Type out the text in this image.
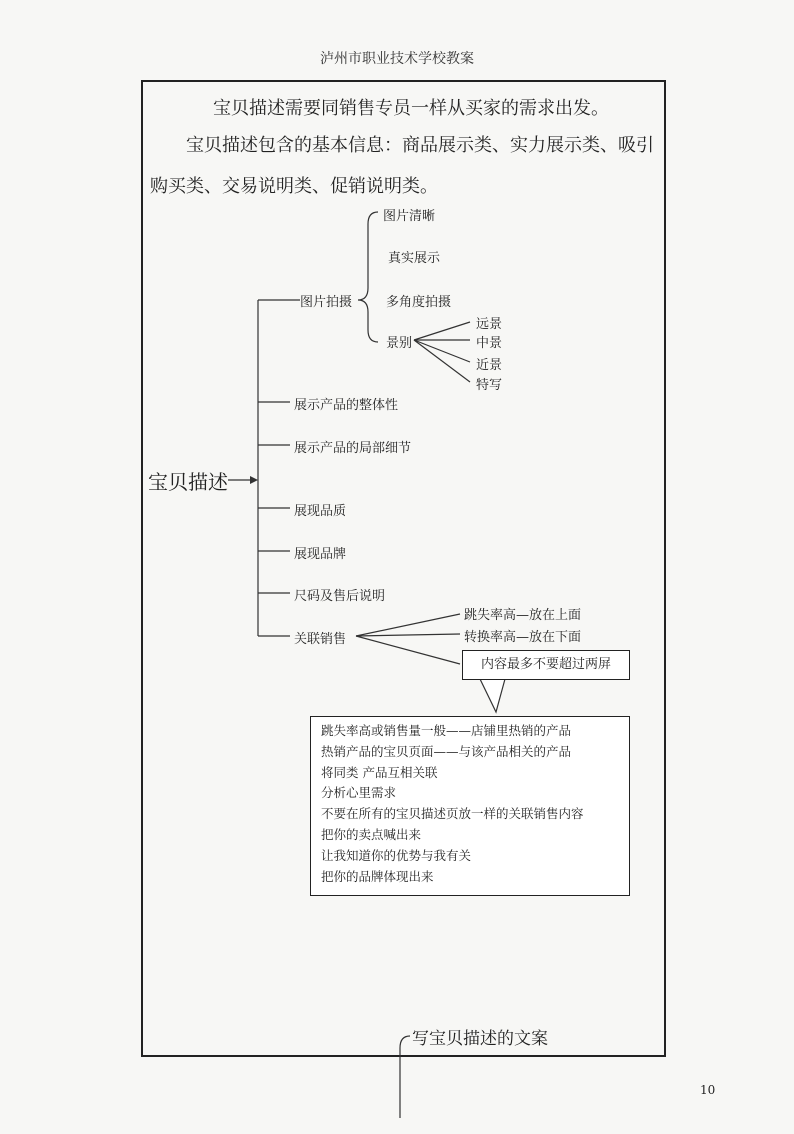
泸州市职业技术学校教案
宝贝描述需要同销售专员一样从买家的需求出发。
宝贝描述包含的基本信息：商品展示类、实力展示类、吸引
购买类、交易说明类、促销说明类。
宝贝描述
图片拍摄
图片清晰
真实展示
多角度拍摄
景别
远景
中景
近景
特写
展示产品的整体性
展示产品的局部细节
展现品质
展现品牌
尺码及售后说明
关联销售
跳失率高—放在上面
转换率高—放在下面
内容最多不要超过两屏
跳失率高或销售量一般——店铺里热销的产品
热销产品的宝贝页面——与该产品相关的产品
将同类 产品互相关联
分析心里需求
不要在所有的宝贝描述页放一样的关联销售内容
把你的卖点喊出来
让我知道你的优势与我有关
把你的品牌体现出来
写宝贝描述的文案
10
